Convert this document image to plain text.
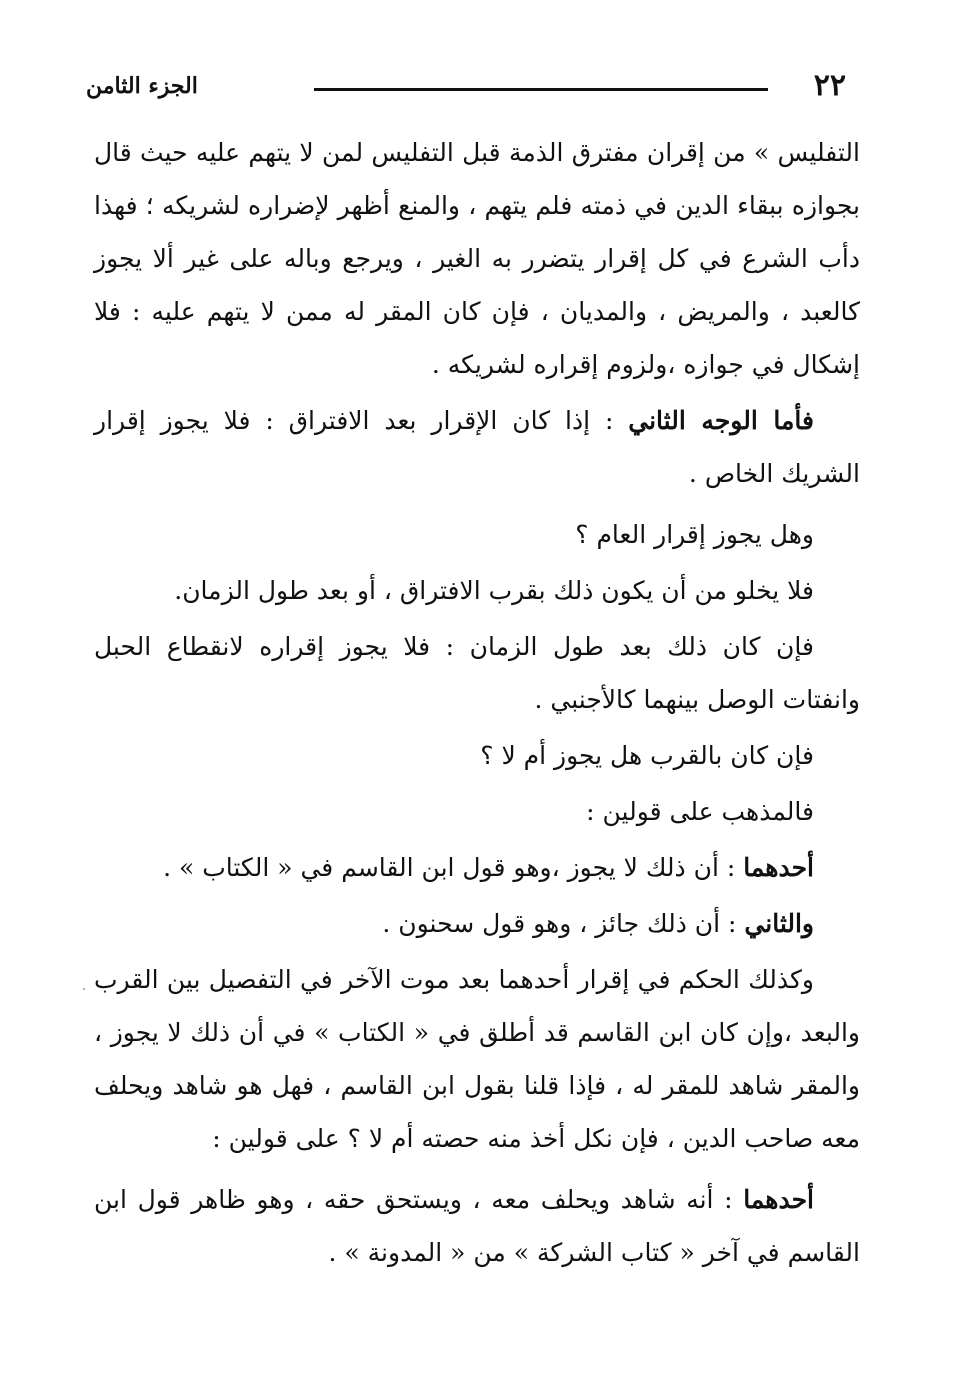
٢٢
الجزء الثامن

التفليس » من إقران مفترق الذمة قبل التفليس لمن لا يتهم عليه حيث قال بجوازه ببقاء الدين في ذمته فلم يتهم ، والمنع أظهر لإضراره لشريكه ؛ فهذا دأب الشرع في كل إقرار يتضرر به الغير ، ويرجع وباله على غير ألا يجوز كالعبد ، والمريض ، والمديان ، فإن كان المقر له ممن لا يتهم عليه : فلا إشكال في جوازه ،ولزوم إقراره لشريكه .

فأما الوجه الثاني : إذا كان الإقرار بعد الافتراق : فلا يجوز إقرار الشريك الخاص .

وهل يجوز إقرار العام ؟

فلا يخلو من أن يكون ذلك بقرب الافتراق ، أو بعد طول الزمان.

فإن كان ذلك بعد طول الزمان : فلا يجوز إقراره لانقطاع الحبل وانفتات الوصل بينهما كالأجنبي .

فإن كان بالقرب هل يجوز أم لا ؟

فالمذهب على قولين :

أحدهما : أن ذلك لا يجوز ،وهو قول ابن القاسم في « الكتاب » .

والثاني : أن ذلك جائز ، وهو قول سحنون .

وكذلك الحكم في إقرار أحدهما بعد موت الآخر في التفصيل بين القرب والبعد ،وإن كان ابن القاسم قد أطلق في « الكتاب » في أن ذلك لا يجوز ، والمقر شاهد للمقر له ، فإذا قلنا بقول ابن القاسم ، فهل هو شاهد ويحلف معه صاحب الدين ، فإن نكل أخذ منه حصته أم لا ؟ على قولين :

أحدهما : أنه شاهد ويحلف معه ، ويستحق حقه ، وهو ظاهر قول ابن القاسم في آخر « كتاب الشركة » من « المدونة » .
